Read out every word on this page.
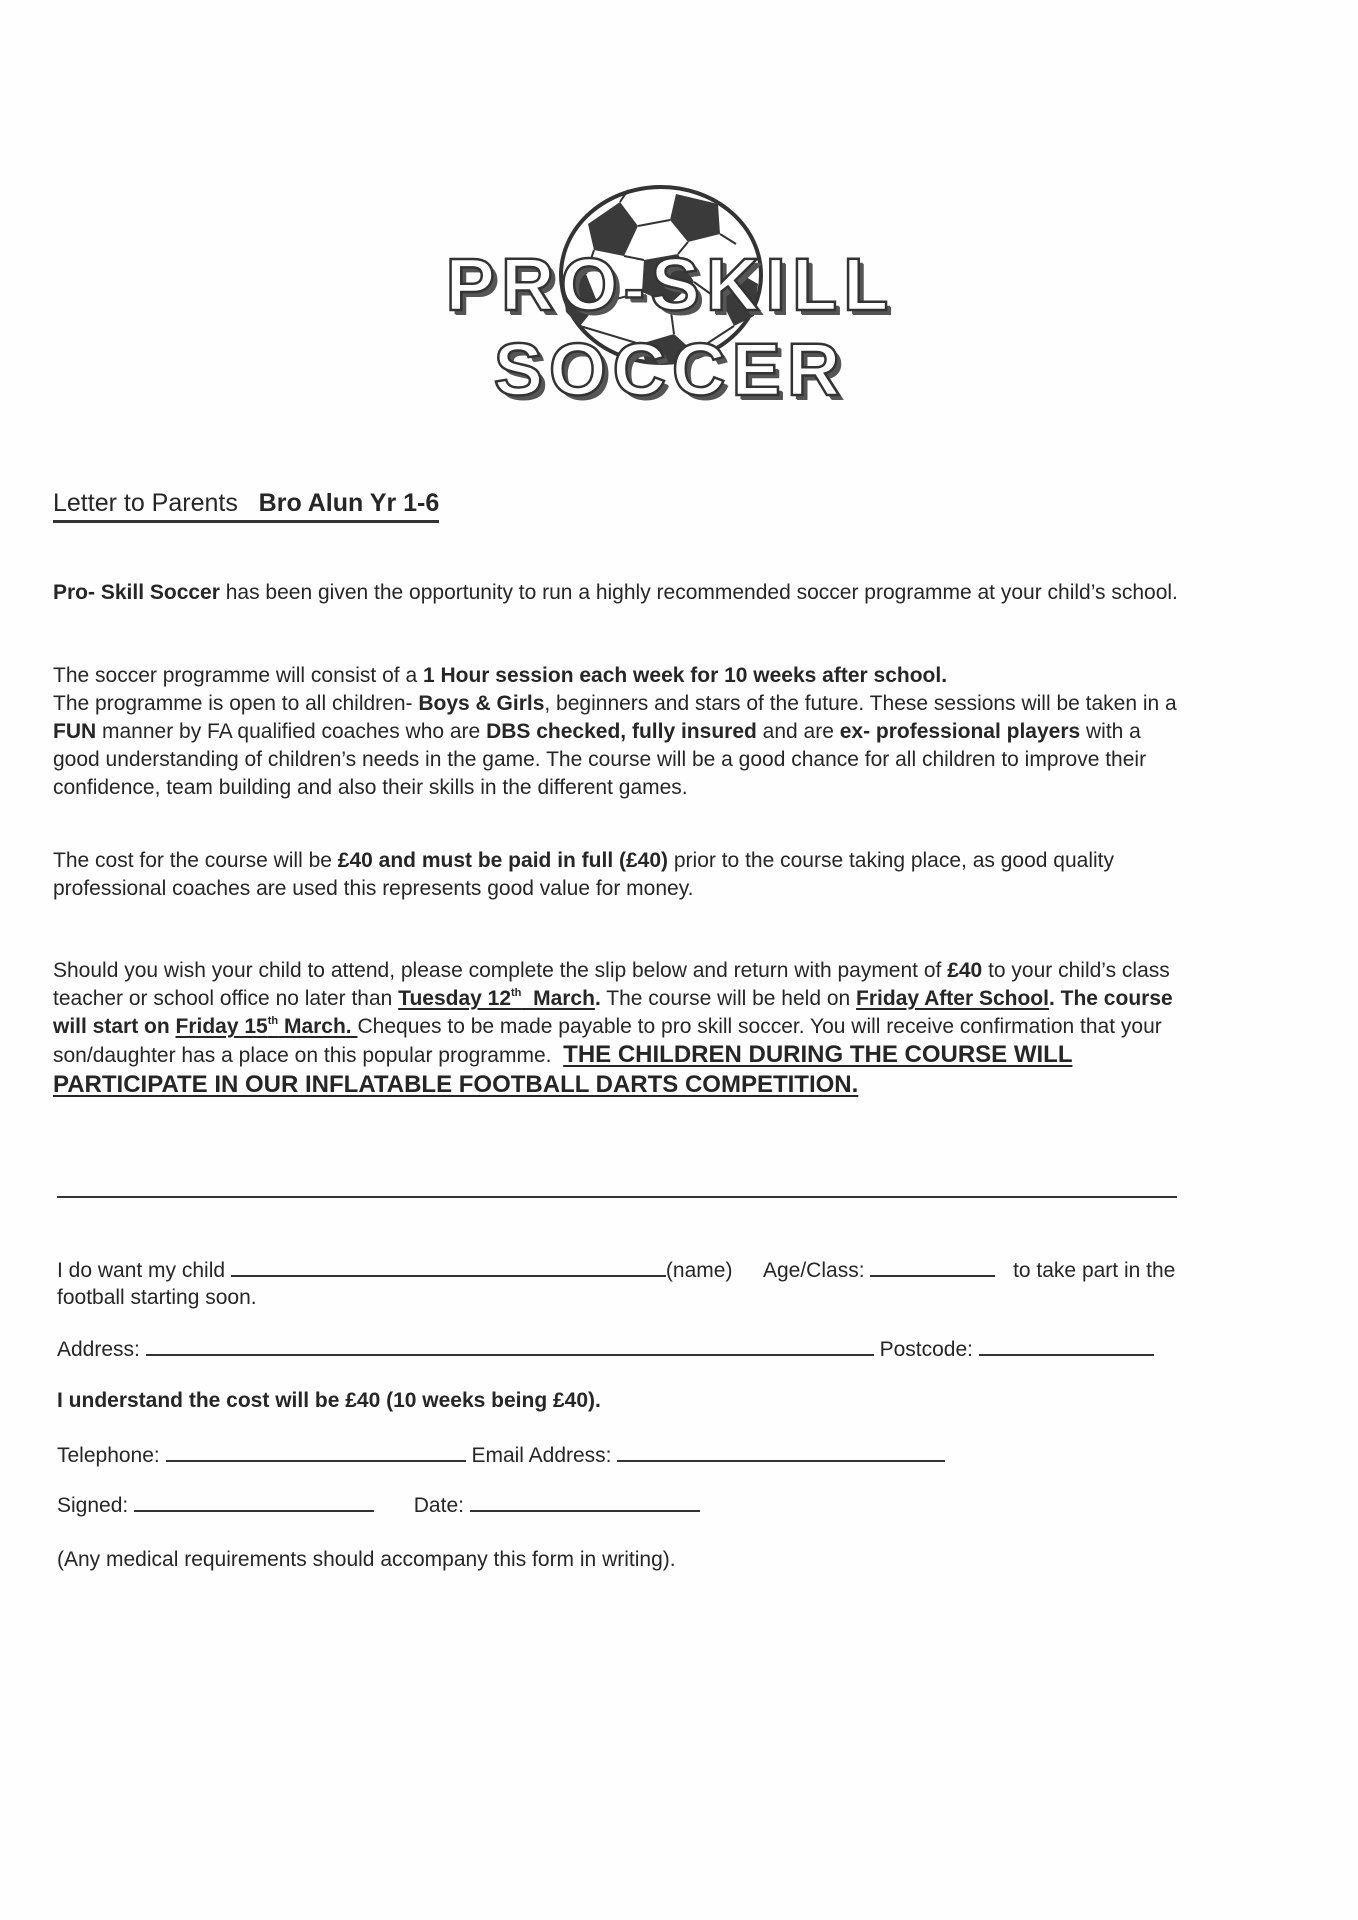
PRO-SKILL SOCCER
Letter to Parents Bro Alun Yr 1-6
Pro- Skill Soccer has been given the opportunity to run a highly recommended soccer programme at your child’s school.
The soccer programme will consist of a 1 Hour session each week for 10 weeks after school.
The programme is open to all children- Boys & Girls, beginners and stars of the future. These sessions will be taken in a
FUN manner by FA qualified coaches who are DBS checked, fully insured and are ex- professional players with a
good understanding of children’s needs in the game. The course will be a good chance for all children to improve their
confidence, team building and also their skills in the different games.
The cost for the course will be £40 and must be paid in full (£40) prior to the course taking place, as good quality
professional coaches are used this represents good value for money.
Should you wish your child to attend, please complete the slip below and return with payment of £40 to your child’s class
teacher or school office no later than Tuesday 12th  March. The course will be held on Friday After School. The course
will start on Friday 15th March. Cheques to be made payable to pro skill soccer. You will receive confirmation that your
son/daughter has a place on this popular programme.  THE CHILDREN DURING THE COURSE WILL
PARTICIPATE IN OUR INFLATABLE FOOTBALL DARTS COMPETITION.
I do want my child	(name) Age/Class:	to take part in the
football starting soon.
Address:	Postcode:
I understand the cost will be £40 (10 weeks being £40).
Telephone:	Email Address:
Signed:	Date:
(Any medical requirements should accompany this form in writing).
